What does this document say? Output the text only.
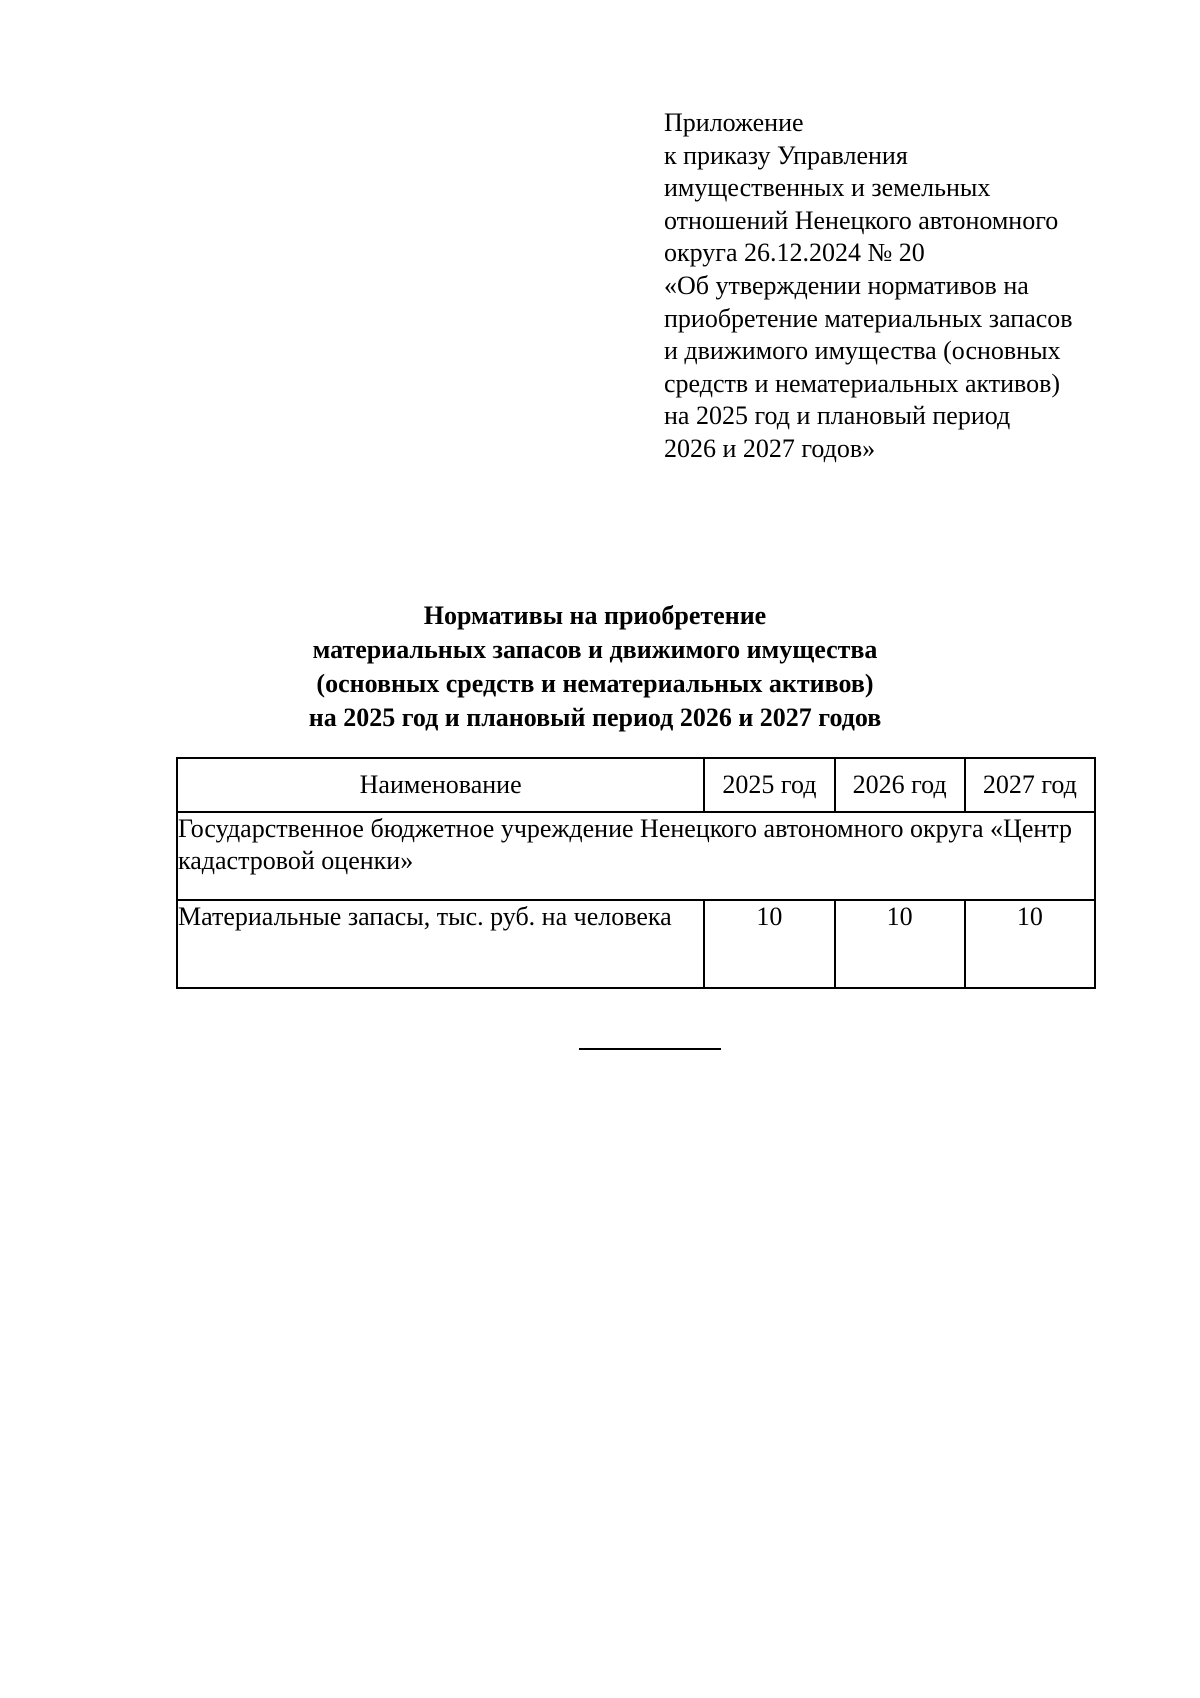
Приложение
к приказу Управления
имущественных и земельных
отношений Ненецкого автономного
округа 26.12.2024 № 20
«Об утверждении нормативов на
приобретение материальных запасов
и движимого имущества (основных
средств и нематериальных активов)
на 2025 год и плановый период
2026 и 2027 годов»
Нормативы на приобретение
материальных запасов и движимого имущества
(основных средств и нематериальных активов)
на 2025 год и плановый период 2026 и 2027 годов
Наименование	2025 год	2026 год	2027 год
Государственное бюджетное учреждение Ненецкого автономного округа «Центр кадастровой оценки»			
Материальные запасы, тыс. руб. на человека	10	10	10
